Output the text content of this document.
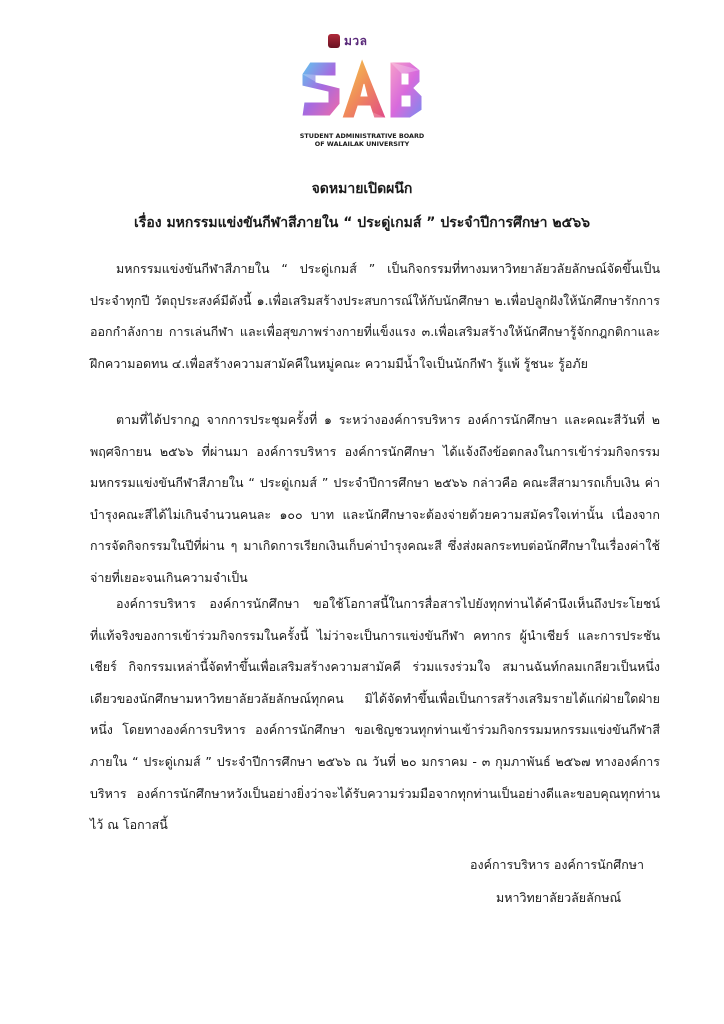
มวล
STUDENT ADMINISTRATIVE BOARD
OF WALAILAK UNIVERSITY
จดหมายเปิดผนึก
เรื่อง มหกรรมแข่งขันกีฬาสีภายใน “ ประดู่เกมส์ ” ประจำปีการศึกษา ๒๕๖๖

มหกรรมแข่งขันกีฬาสีภายใน “ ประดู่เกมส์ ” เป็นกิจกรรมที่ทางมหาวิทยาลัยวลัยลักษณ์จัดขึ้นเป็นประจำทุกปี วัตถุประสงค์มีดังนี้ ๑.เพื่อเสริมสร้างประสบการณ์ให้กับนักศึกษา ๒.เพื่อปลูกฝังให้นักศึกษารักการออกกำลังกาย การเล่นกีฬา และเพื่อสุขภาพร่างกายที่แข็งแรง ๓.เพื่อเสริมสร้างให้นักศึกษารู้จักกฎกติกาและฝึกความอดทน ๔.เพื่อสร้างความสามัคคีในหมู่คณะ ความมีน้ำใจเป็นนักกีฬา รู้แพ้ รู้ชนะ รู้อภัย

ตามที่ได้ปรากฏ จากการประชุมครั้งที่ ๑ ระหว่างองค์การบริหาร องค์การนักศึกษา และคณะสีวันที่ ๒ พฤศจิกายน ๒๕๖๖ ที่ผ่านมา องค์การบริหาร องค์การนักศึกษา ได้แจ้งถึงข้อตกลงในการเข้าร่วมกิจกรรมมหกรรมแข่งขันกีฬาสีภายใน “ ประดู่เกมส์ ” ประจำปีการศึกษา ๒๕๖๖ กล่าวคือ คณะสีสามารถเก็บเงิน ค่าบำรุงคณะสีได้ไม่เกินจำนวนคนละ ๑๐๐ บาท และนักศึกษาจะต้องจ่ายด้วยความสมัครใจเท่านั้น เนื่องจากการจัดกิจกรรมในปีที่ผ่าน ๆ มาเกิดการเรียกเงินเก็บค่าบำรุงคณะสี ซึ่งส่งผลกระทบต่อนักศึกษาในเรื่องค่าใช้จ่ายที่เยอะจนเกินความจำเป็น

องค์การบริหาร องค์การนักศึกษา ขอใช้โอกาสนี้ในการสื่อสารไปยังทุกท่านได้คำนึงเห็นถึงประโยชน์ที่แท้จริงของการเข้าร่วมกิจกรรมในครั้งนี้ ไม่ว่าจะเป็นการแข่งขันกีฬา คทากร ผู้นำเชียร์ และการประชันเชียร์ กิจกรรมเหล่านี้จัดทำขึ้นเพื่อเสริมสร้างความสามัคคี ร่วมแรงร่วมใจ สมานฉันท์กลมเกลียวเป็นหนึ่งเดียวของนักศึกษามหาวิทยาลัยวลัยลักษณ์ทุกคน มิได้จัดทำขึ้นเพื่อเป็นการสร้างเสริมรายได้แก่ฝ่ายใดฝ่ายหนึ่ง โดยทางองค์การบริหาร องค์การนักศึกษา ขอเชิญชวนทุกท่านเข้าร่วมกิจกรรมมหกรรมแข่งขันกีฬาสีภายใน “ ประดู่เกมส์ ” ประจำปีการศึกษา ๒๕๖๖ ณ วันที่ ๒๐ มกราคม - ๓ กุมภาพันธ์ ๒๕๖๗ ทางองค์การบริหาร องค์การนักศึกษาหวังเป็นอย่างยิ่งว่าจะได้รับความร่วมมือจากทุกท่านเป็นอย่างดีและขอบคุณทุกท่าน ไว้ ณ โอกาสนี้

องค์การบริหาร องค์การนักศึกษา
มหาวิทยาลัยวลัยลักษณ์
